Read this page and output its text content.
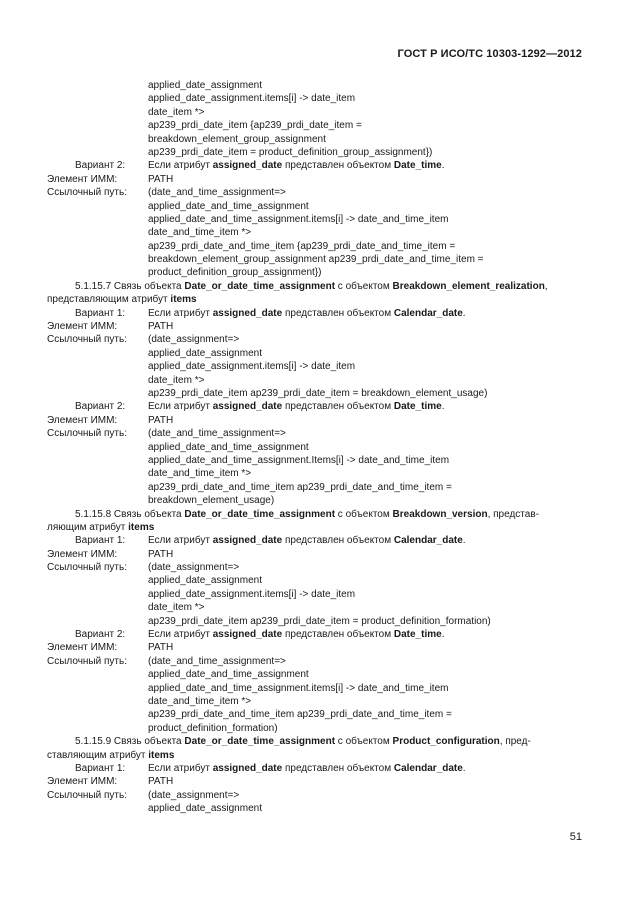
ГОСТ Р ИСО/ТС 10303-1292—2012
applied_date_assignment
applied_date_assignment.items[i] -> date_item
date_item *>
ap239_prdi_date_item {ap239_prdi_date_item =
breakdown_element_group_assignment
ap239_prdi_date_item = product_definition_group_assignment})
Вариант 2: Если атрибут assigned_date представлен объектом Date_time.
Элемент ИММ:	PATH
Ссылочный путь: (date_and_time_assignment=>
applied_date_and_time_assignment
applied_date_and_time_assignment.items[i] -> date_and_time_item
date_and_time_item *>
ap239_prdi_date_and_time_item {ap239_prdi_date_and_time_item =
breakdown_element_group_assignment ap239_prdi_date_and_time_item =
product_definition_group_assignment})
5.1.15.7 Связь объекта Date_or_date_time_assignment с объектом Breakdown_element_realization,
представляющим атрибут items
Вариант 1: Если атрибут assigned_date представлен объектом Calendar_date.
Элемент ИММ:	PATH
Ссылочный путь: (date_assignment=>
applied_date_assignment
applied_date_assignment.items[i] -> date_item
date_item *>
ap239_prdi_date_item ap239_prdi_date_item = breakdown_element_usage)
Вариант 2: Если атрибут assigned_date представлен объектом Date_time.
Элемент ИММ:	PATH
Ссылочный путь: (date_and_time_assignment=>
applied_date_and_time_assignment
applied_date_and_time_assignment.Items[i] -> date_and_time_item
date_and_time_item *>
ap239_prdi_date_and_time_item ap239_prdi_date_and_time_item =
breakdown_element_usage)
5.1.15.8 Связь объекта Date_or_date_time_assignment с объектом Breakdown_version, представ-
ляющим атрибут items
Вариант 1: Если атрибут assigned_date представлен объектом Calendar_date.
Элемент ИММ:	PATH
Ссылочный путь: (date_assignment=>
applied_date_assignment
applied_date_assignment.items[i] -> date_item
date_item *>
ap239_prdi_date_item ap239_prdi_date_item = product_definition_formation)
Вариант 2: Если атрибут assigned_date представлен объектом Date_time.
Элемент ИММ:	PATH
Ссылочный путь: (date_and_time_assignment=>
applied_date_and_time_assignment
applied_date_and_time_assignment.items[i] -> date_and_time_item
date_and_time_item *>
ap239_prdi_date_and_time_item ap239_prdi_date_and_time_item =
product_definition_formation)
5.1.15.9 Связь объекта Date_or_date_time_assignment с объектом Product_configuration, пред-
ставляющим атрибут items
Вариант 1: Если атрибут assigned_date представлен объектом Calendar_date.
Элемент ИММ:	PATH
Ссылочный путь: (date_assignment=>
applied_date_assignment
51
